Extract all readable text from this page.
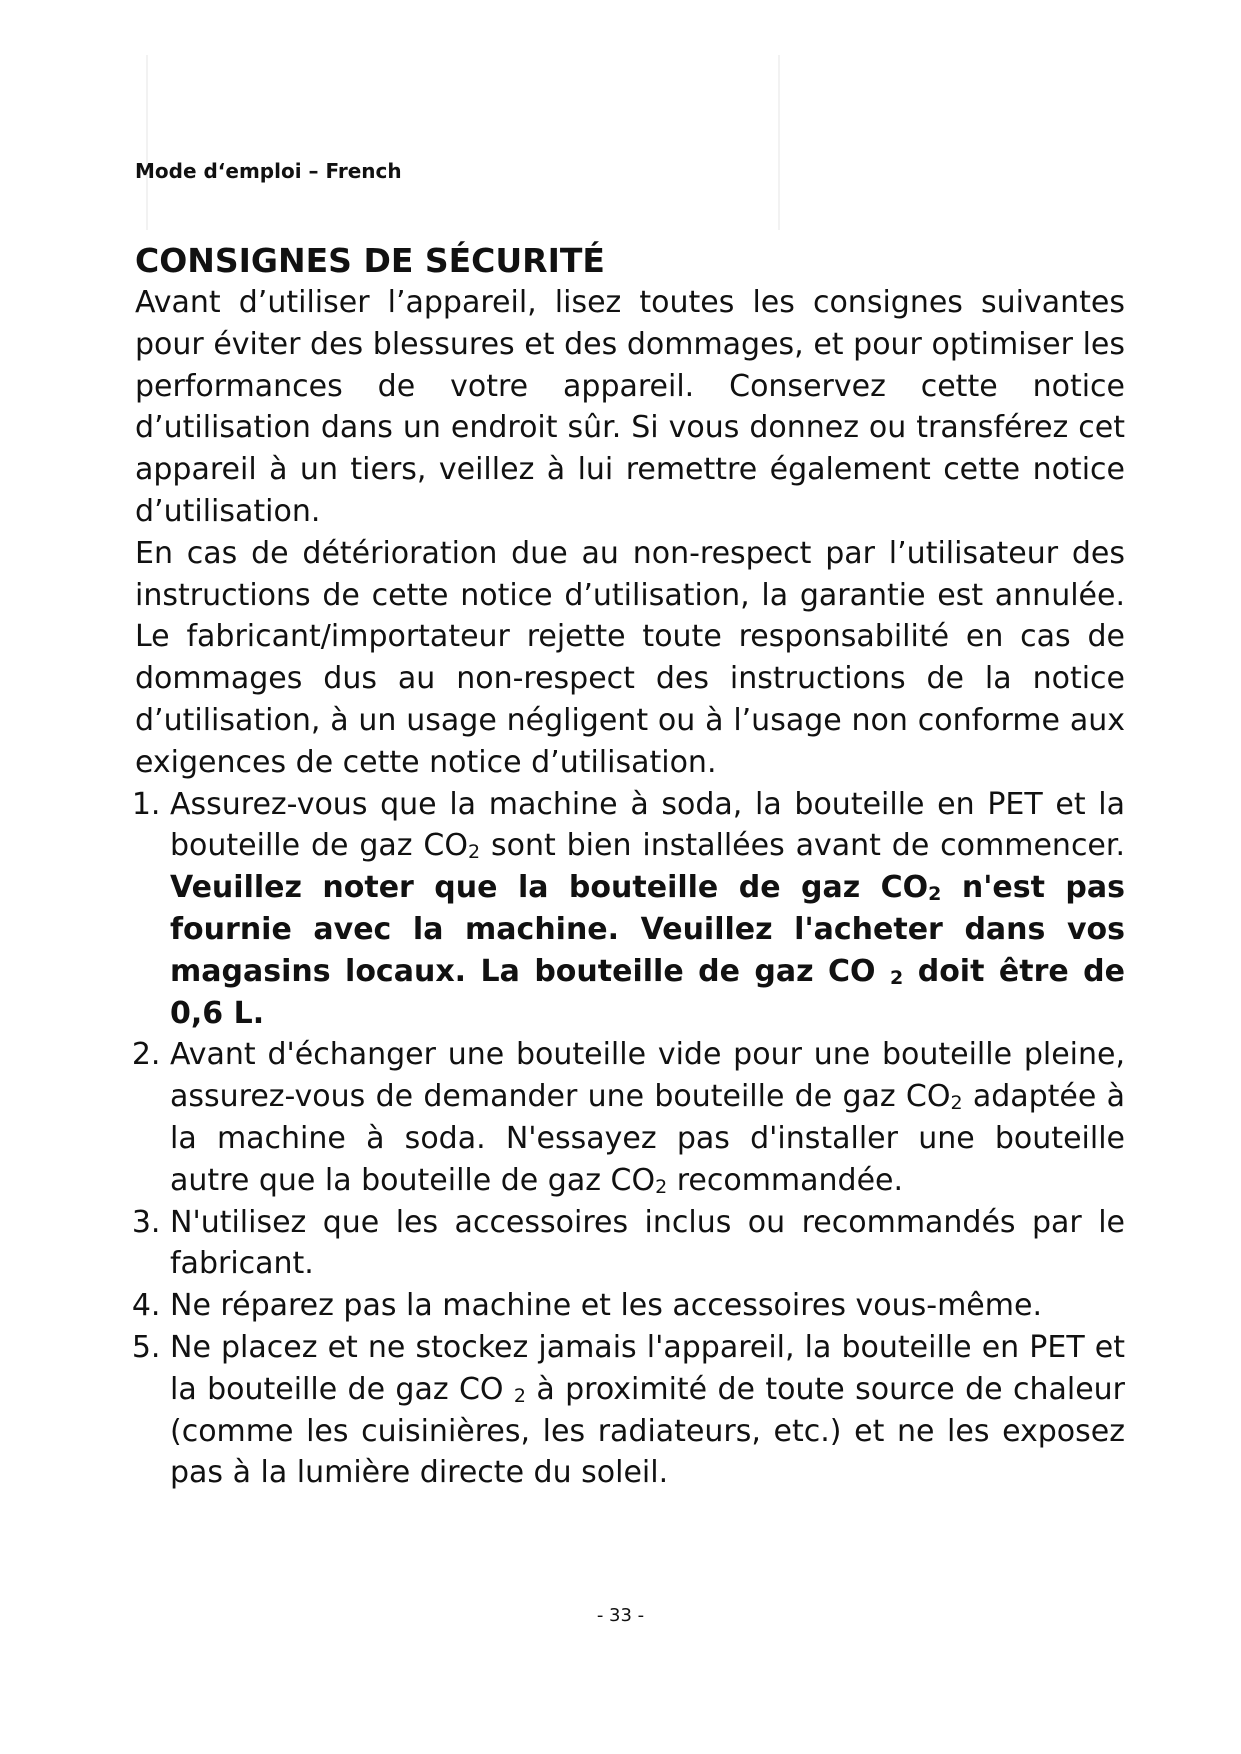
Mode d‘emploi – French
CONSIGNES DE SÉCURITÉ
Avant d’utiliser l’appareil, lisez toutes les consignes suivantes pour éviter des blessures et des dommages, et pour optimiser les performances de votre appareil. Conservez cette notice d’utilisation dans un endroit sûr. Si vous donnez ou transférez cet appareil à un tiers, veillez à lui remettre également cette notice d’utilisation.
En cas de détérioration due au non-respect par l’utilisateur des instructions de cette notice d’utilisation, la garantie est annulée. Le fabricant/importateur rejette toute responsabilité en cas de dommages dus au non-respect des instructions de la notice d’utilisation, à un usage négligent ou à l’usage non conforme aux exigences de cette notice d’utilisation.
1. Assurez-vous que la machine à soda, la bouteille en PET et la bouteille de gaz $CO_2$ sont bien installées avant de commencer. Veuillez noter que la bouteille de gaz $CO_2$ n'est pas fournie avec la machine. Veuillez l'acheter dans vos magasins locaux. La bouteille de gaz CO $_2$ doit être de 0,6 L.
2. Avant d'échanger une bouteille vide pour une bouteille pleine, assurez-vous de demander une bouteille de gaz $CO_2$ adaptée à la machine à soda. N'essayez pas d'installer une bouteille autre que la bouteille de gaz $CO_2$ recommandée.
3. N'utilisez que les accessoires inclus ou recommandés par le fabricant.
4. Ne réparez pas la machine et les accessoires vous-même.
5. Ne placez et ne stockez jamais l'appareil, la bouteille en PET et la bouteille de gaz CO $_2$ à proximité de toute source de chaleur (comme les cuisinières, les radiateurs, etc.) et ne les exposez pas à la lumière directe du soleil.
- 33 -
